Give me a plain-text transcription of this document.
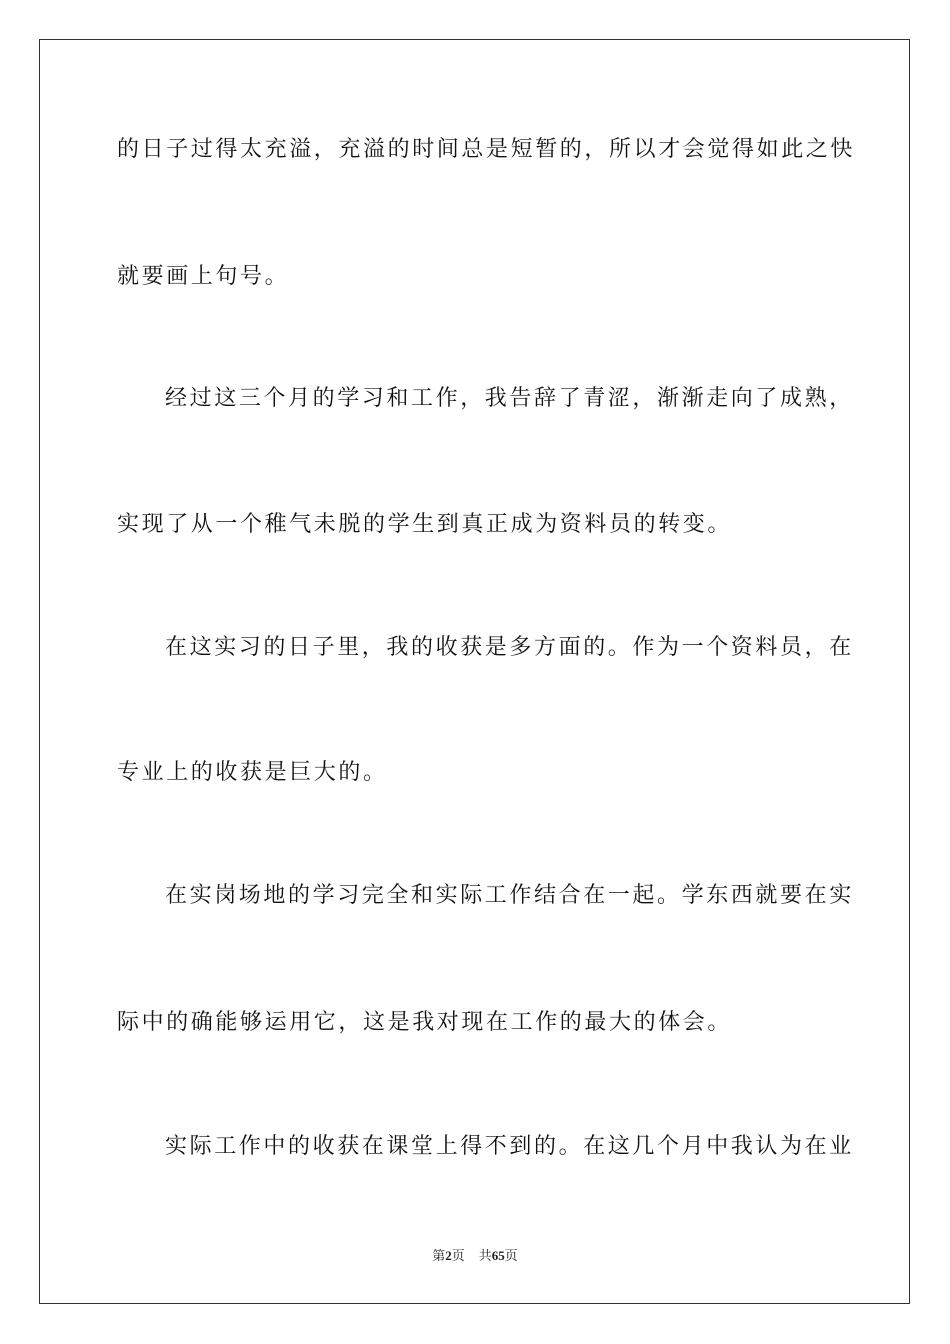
的日子过得太充溢，充溢的时间总是短暂的，所以才会觉得如此之快
就要画上句号。
经过这三个月的学习和工作，我告辞了青涩，渐渐走向了成熟，
实现了从一个稚气未脱的学生到真正成为资料员的转变。
在这实习的日子里，我的收获是多方面的。作为一个资料员，在
专业上的收获是巨大的。
在实岗场地的学习完全和实际工作结合在一起。学东西就要在实
际中的确能够运用它，这是我对现在工作的最大的体会。
实际工作中的收获在课堂上得不到的。在这几个月中我认为在业
第2页 共65页
